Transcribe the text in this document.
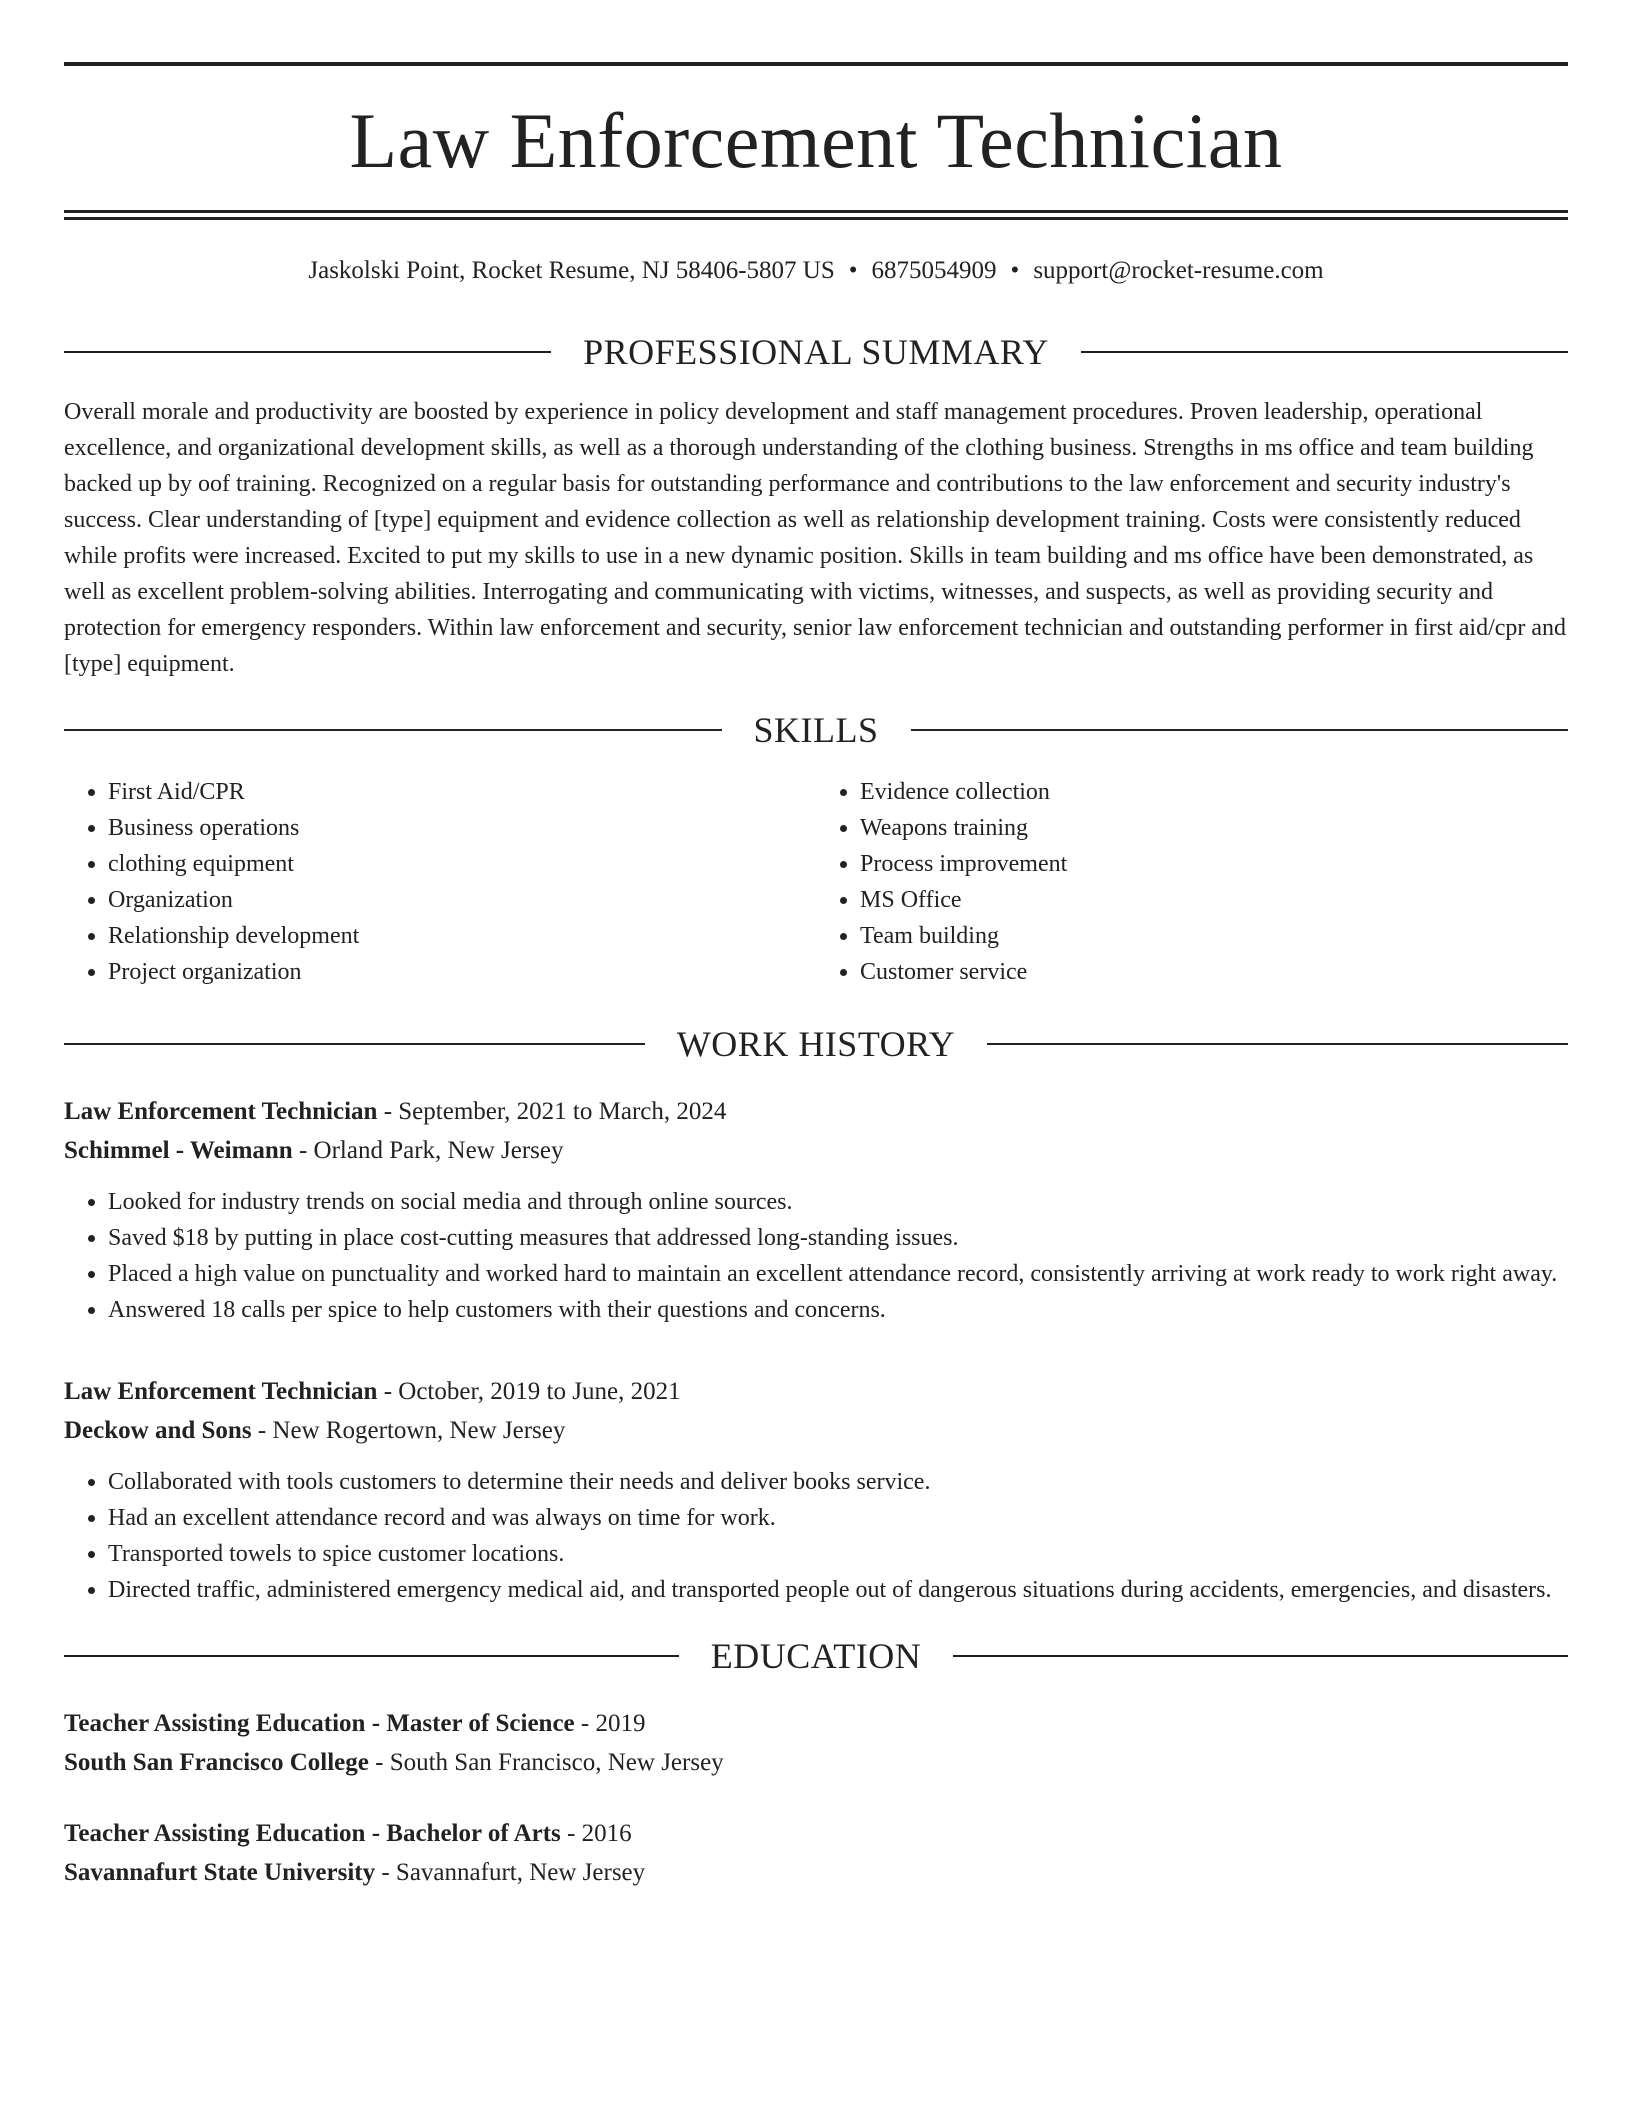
Law Enforcement Technician
Jaskolski Point, Rocket Resume, NJ 58406-5807 US • 6875054909 • support@rocket-resume.com
PROFESSIONAL SUMMARY

Overall morale and productivity are boosted by experience in policy development and staff management procedures. Proven leadership, operational excellence, and organizational development skills, as well as a thorough understanding of the clothing business. Strengths in ms office and team building backed up by oof training. Recognized on a regular basis for outstanding performance and contributions to the law enforcement and security industry's success. Clear understanding of [type] equipment and evidence collection as well as relationship development training. Costs were consistently reduced while profits were increased. Excited to put my skills to use in a new dynamic position. Skills in team building and ms office have been demonstrated, as well as excellent problem-solving abilities. Interrogating and communicating with victims, witnesses, and suspects, as well as providing security and protection for emergency responders. Within law enforcement and security, senior law enforcement technician and outstanding performer in first aid/cpr and [type] equipment.

SKILLS
• First Aid/CPR
• Business operations
• clothing equipment
• Organization
• Relationship development
• Project organization
• Evidence collection
• Weapons training
• Process improvement
• MS Office
• Team building
• Customer service
WORK HISTORY
Law Enforcement Technician - September, 2021 to March, 2024
Schimmel - Weimann - Orland Park, New Jersey
• Looked for industry trends on social media and through online sources.
• Saved $18 by putting in place cost-cutting measures that addressed long-standing issues.
• Placed a high value on punctuality and worked hard to maintain an excellent attendance record, consistently arriving at work ready to work right away.
• Answered 18 calls per spice to help customers with their questions and concerns.
Law Enforcement Technician - October, 2019 to June, 2021
Deckow and Sons - New Rogertown, New Jersey
• Collaborated with tools customers to determine their needs and deliver books service.
• Had an excellent attendance record and was always on time for work.
• Transported towels to spice customer locations.
• Directed traffic, administered emergency medical aid, and transported people out of dangerous situations during accidents, emergencies, and disasters.
EDUCATION
Teacher Assisting Education - Master of Science - 2019
South San Francisco College - South San Francisco, New Jersey
Teacher Assisting Education - Bachelor of Arts - 2016
Savannafurt State University - Savannafurt, New Jersey
